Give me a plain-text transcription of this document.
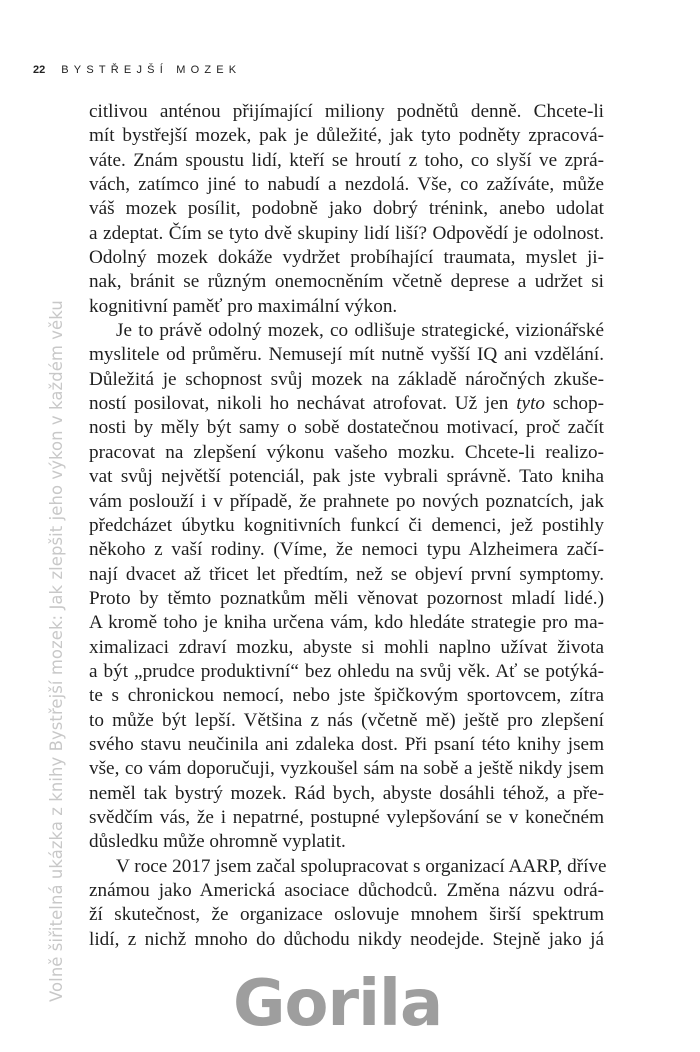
22 BYSTŘEJŠÍ MOZEK
Volně šiřitelná ukázka z knihy Bystřejší mozek: Jak zlepšit jeho výkon v každém věku
citlivou anténou přijímající miliony podnětů denně. Chcete-li
mít bystřejší mozek, pak je důležité, jak tyto podněty zpracová-
váte. Znám spoustu lidí, kteří se hroutí z toho, co slyší ve zprá-
vách, zatímco jiné to nabudí a nezdolá. Vše, co zažíváte, může
váš mozek posílit, podobně jako dobrý trénink, anebo udolat
a zdeptat. Čím se tyto dvě skupiny lidí liší? Odpovědí je odolnost.
Odolný mozek dokáže vydržet probíhající traumata, myslet ji-
nak, bránit se různým onemocněním včetně deprese a udržet si
kognitivní paměť pro maximální výkon.
Je to právě odolný mozek, co odlišuje strategické, vizionářské
myslitele od průměru. Nemusejí mít nutně vyšší IQ ani vzdělání.
Důležitá je schopnost svůj mozek na základě náročných zkuše-
ností posilovat, nikoli ho nechávat atrofovat. Už jen tyto schop-
nosti by měly být samy o sobě dostatečnou motivací, proč začít
pracovat na zlepšení výkonu vašeho mozku. Chcete-li realizo-
vat svůj největší potenciál, pak jste vybrali správně. Tato kniha
vám poslouží i v případě, že prahnete po nových poznatcích, jak
předcházet úbytku kognitivních funkcí či demenci, jež postihly
někoho z vaší rodiny. (Víme, že nemoci typu Alzheimera začí-
nají dvacet až třicet let předtím, než se objeví první symptomy.
Proto by těmto poznatkům měli věnovat pozornost mladí lidé.)
A kromě toho je kniha určena vám, kdo hledáte strategie pro ma-
ximalizaci zdraví mozku, abyste si mohli naplno užívat života
a být „prudce produktivní“ bez ohledu na svůj věk. Ať se potýká-
te s chronickou nemocí, nebo jste špičkovým sportovcem, zítra
to může být lepší. Většina z nás (včetně mě) ještě pro zlepšení
svého stavu neučinila ani zdaleka dost. Při psaní této knihy jsem
vše, co vám doporučuji, vyzkoušel sám na sobě a ještě nikdy jsem
neměl tak bystrý mozek. Rád bych, abyste dosáhli téhož, a pře-
svědčím vás, že i nepatrné, postupné vylepšování se v konečném
důsledku může ohromně vyplatit.
V roce 2017 jsem začal spolupracovat s organizací AARP, dříve
známou jako Americká asociace důchodců. Změna názvu odrá-
ží skutečnost, že organizace oslovuje mnohem širší spektrum
lidí, z nichž mnoho do důchodu nikdy neodejde. Stejně jako já
Gorila
